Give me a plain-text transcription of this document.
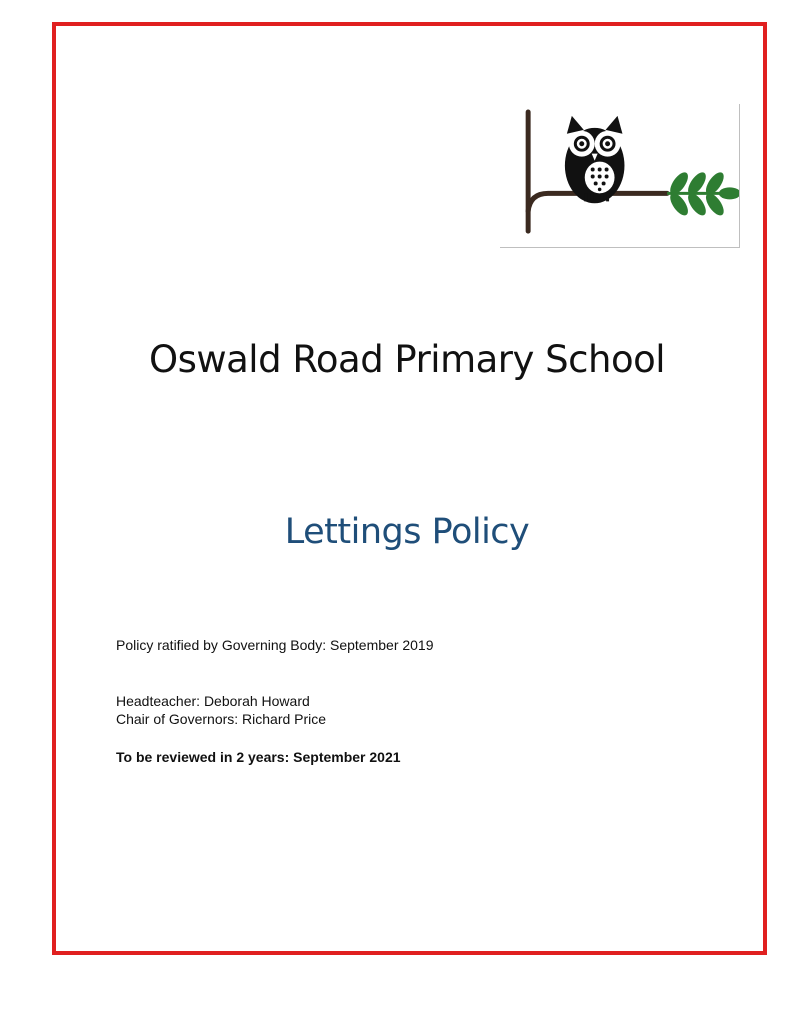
Oswald Road Primary School
Lettings Policy
Policy ratified by Governing Body: September 2019
Headteacher: Deborah Howard
Chair of Governors: Richard Price
To be reviewed in 2 years: September 2021
